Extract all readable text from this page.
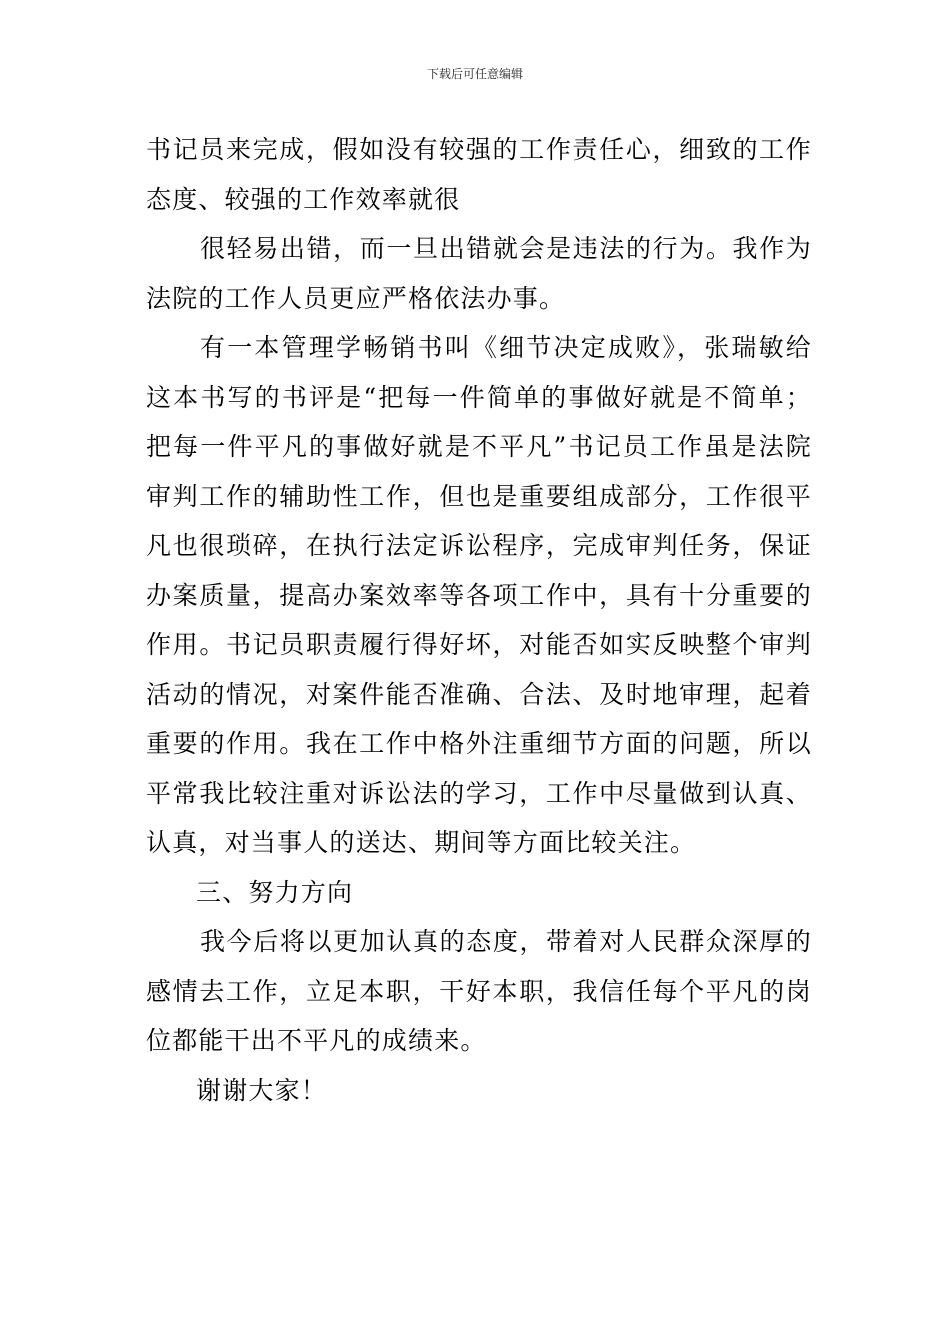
下载后可任意编辑

书记员来完成，假如没有较强的工作责任心，细致的工作态度、较强的工作效率就很

很轻易出错，而一旦出错就会是违法的行为。我作为法院的工作人员更应严格依法办事。

有一本管理学畅销书叫《细节决定成败》，张瑞敏给这本书写的书评是“把每一件简单的事做好就是不简单；把每一件平凡的事做好就是不平凡”书记员工作虽是法院审判工作的辅助性工作，但也是重要组成部分，工作很平凡也很琐碎，在执行法定诉讼程序，完成审判任务，保证办案质量，提高办案效率等各项工作中，具有十分重要的作用。书记员职责履行得好坏，对能否如实反映整个审判活动的情况，对案件能否准确、合法、及时地审理，起着重要的作用。我在工作中格外注重细节方面的问题，所以平常我比较注重对诉讼法的学习，工作中尽量做到认真、认真，对当事人的送达、期间等方面比较关注。

三、努力方向

我今后将以更加认真的态度，带着对人民群众深厚的感情去工作，立足本职，干好本职，我信任每个平凡的岗位都能干出不平凡的成绩来。

谢谢大家！
